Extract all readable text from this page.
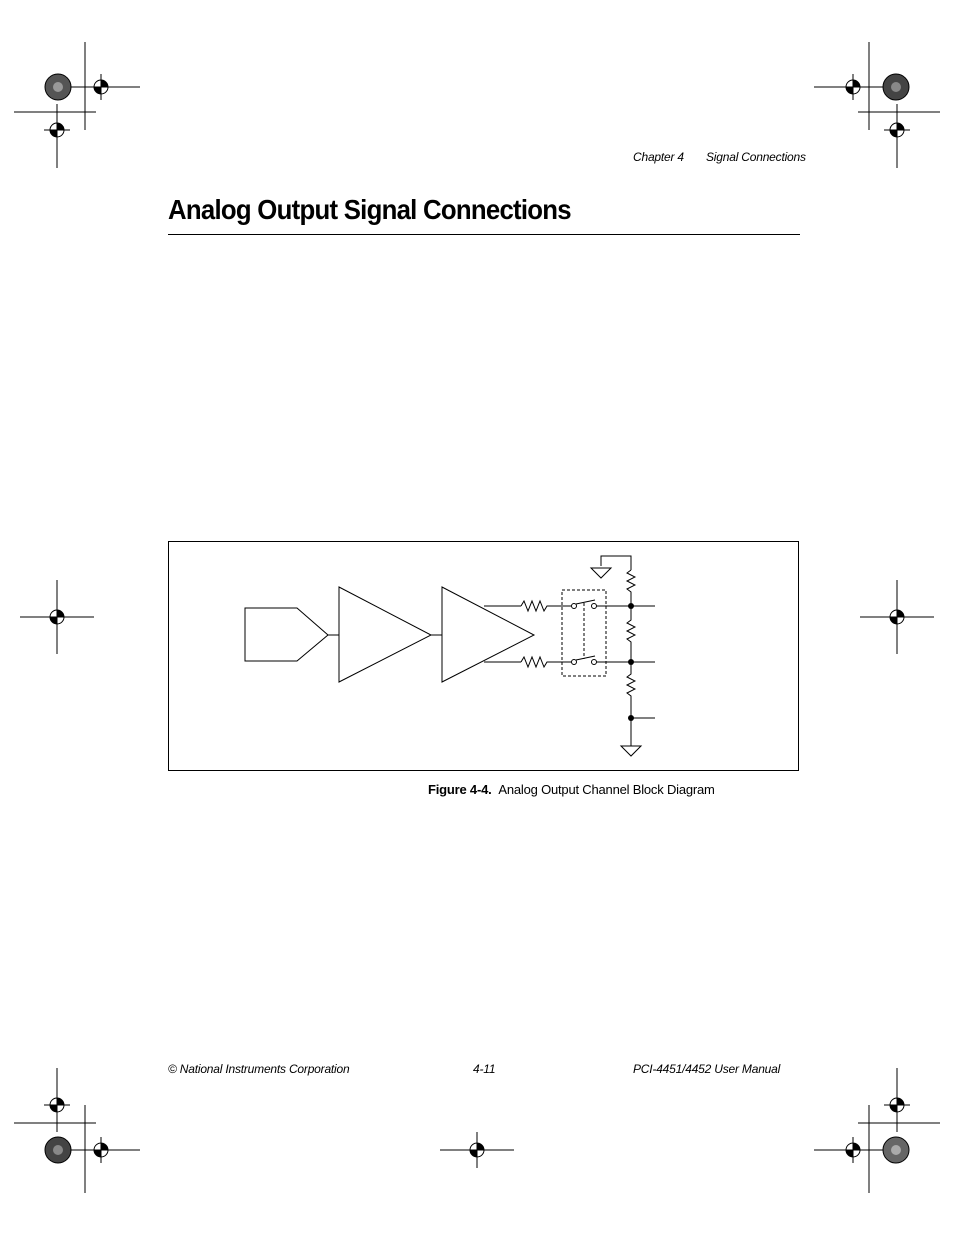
Chapter 4 Signal Connections
Analog Output Signal Connections
Figure 4-4. Analog Output Channel Block Diagram
© National Instruments Corporation	4-11	PCI-4451/4452 User Manual
